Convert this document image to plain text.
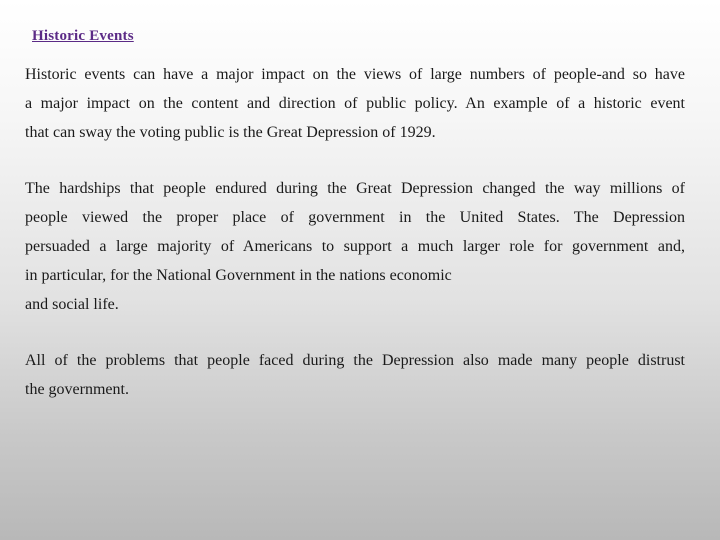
Historic Events

Historic events can have a major impact on the views of large numbers of people-and so have
a major impact on the content and direction of public policy. An example of a historic event
that can sway the voting public is the Great Depression of 1929.

The hardships that people endured during the Great Depression changed the way millions of
people viewed the proper place of government in the United States. The Depression
persuaded a large majority of Americans to support a much larger role for government and,
in particular, for the National Government in the nations economic
and social life.

All of the problems that people faced during the Depression also made many people distrust
the government.
